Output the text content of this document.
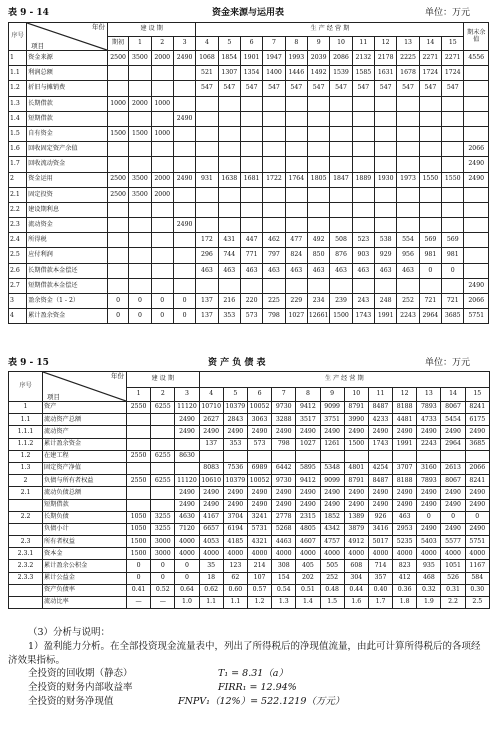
表 9 - 14	资金来源与运用表	单位：万元
序号	年份
项目	建 设 期				生 产 经 营 期												期末余值
		期初	1	2	3	4	5	6	7	8	9	10	11	12	13	14	15	
1	资金来源	2500	3500	2000	2490	1068	1854	1901	1947	1993	2039	2086	2132	2178	2225	2271	2271	4556
1.1	利润总额					521	1307	1354	1400	1446	1492	1539	1585	1631	1678	1724	1724	
1.2	折旧与摊销费					547	547	547	547	547	547	547	547	547	547	547	547	
1.3	长期借款	1000	2000	1000														
1.4	短期借款				2490													
1.5	自有资金	1500	1500	1000														
1.6	回收固定资产余值																	2066
1.7	回收流动资金																	2490
2	资金运用	2500	3500	2000	2490	931	1638	1681	1722	1764	1805	1847	1889	1930	1973	1550	1550	2490
2.1	固定投资	2500	3500	2000														
2.2	建设期利息																	
2.3	流动资金				2490													
2.4	所得税					172	431	447	462	477	492	508	523	538	554	569	569	
2.5	应付利润					296	744	771	797	824	850	876	903	929	956	981	981	
2.6	长期借款本金偿还					463	463	463	463	463	463	463	463	463	463	0	0	
2.7	短期借款本金偿还																	2490
3	盈余资金（1 - 2）	0	0	0	0	137	216	220	225	229	234	239	243	248	252	721	721	2066
4	累计盈余资金	0	0	0	0	137	353	573	798	1027	12661	1500	1743	1991	2243	2964	3685	5751
表 9 - 15	资 产 负 债 表	单位：万元
序号	年份
项目	建 设 期			生 产 经 营 期											
		1	2	3	4	5	6	7	8	9	10	11	12	13	14	15
1	资产	2550	6255	11120	10710	10379	10052	9730	9412	9099	8791	8487	8188	7893	8067	8241
1.1	流动资产总额			2490	2627	2843	3063	3288	3517	3751	3990	4233	4481	4733	5454	6175
1.1.1	流动资产			2490	2490	2490	2490	2490	2490	2490	2490	2490	2490	2490	2490	2490
1.1.2	累计盈余资金				137	353	573	798	1027	1261	1500	1743	1991	2243	2964	3685
1.2	在建工程	2550	6255	8630												
1.3	固定资产净值				8083	7536	6989	6442	5895	5348	4801	4254	3707	3160	2613	2066
2	负债与所有者权益	2550	6255	11120	10610	10379	10052	9730	9412	9099	8791	8487	8188	7893	8067	8241
2.1	流动负债总额			2490	2490	2490	2490	2490	2490	2490	2490	2490	2490	2490	2490	2490
	短期借款			2490	2490	2490	2490	2490	2490	2490	2490	2490	2490	2490	2490	2490
2.2	长期负债	1050	3255	4630	4167	3704	3241	2778	2315	1852	1389	926	463	0	0	0
	负债小计	1050	3255	7120	6657	6194	5731	5268	4805	4342	3879	3416	2953	2490	2490	2490
2.3	所有者权益	1500	3000	4000	4053	4185	4321	4463	4607	4757	4912	5017	5235	5403	5577	5751
2.3.1	资本金	1500	3000	4000	4000	4000	4000	4000	4000	4000	4000	4000	4000	4000	4000	4000
2.3.2	累计盈余公积金	0	0	0	35	123	214	308	405	505	608	714	823	935	1051	1167
2.3.3	累计公益金	0	0	0	18	62	107	154	202	252	304	357	412	468	526	584
	资产负债率	0.41	0.52	0.64	0.62	0.60	0.57	0.54	0.51	0.48	0.44	0.40	0.36	0.32	0.31	0.30
	流动比率	—	—	1.0	1.1	1.1	1.2	1.3	1.4	1.5	1.6	1.7	1.8	1.9	2.2	2.5

（3）分析与说明：

1）盈利能力分析。在全部投资现金流量表中，列出了所得税后的净现值流量，由此可计算所得税后的各项经济效果指标。

全投资的回收期（静态）	T₁ = 8.31（a）

全投资的财务内部收益率	FIRR₁ = 12.94%

全投资的财务净现值	FNPV₁（12%）= 522.1219（万元）
